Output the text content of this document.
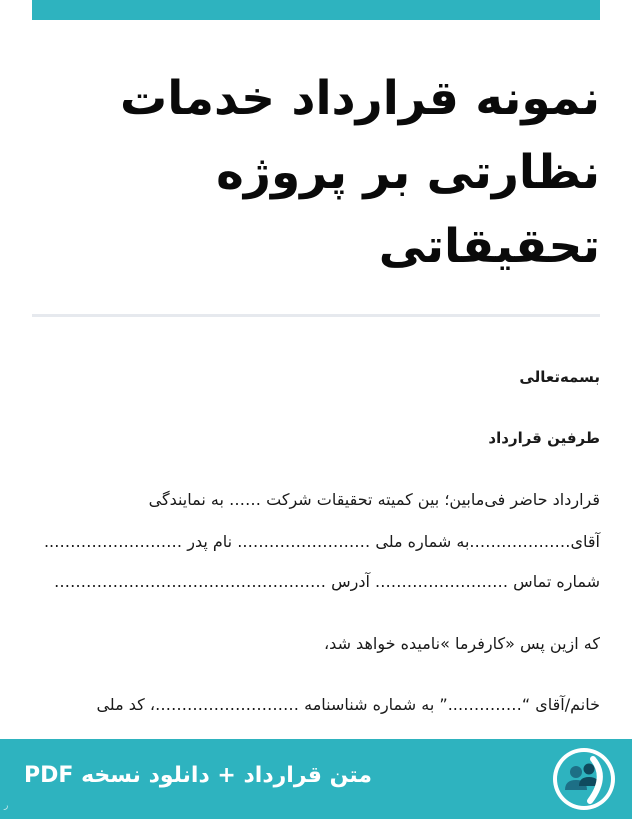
نمونه قرارداد خدمات
نظارتی بر پروژه
تحقیقاتی
بسمه‌تعالی
طرفین قرارداد
قرارداد حاضر فی‌مابین؛ بین کمیته تحقیقات شرکت …… به نمایندگی
آقای……………….به شماره ملی ……………………. نام پدر ……………………..
شماره تماس ……………………. آدرس ……………………………………………
که ازین پس «کارفرما »نامیده خواهد شد،
خانم/آقای “…………..” به شماره شناسنامه ………………………، کد ملی
متن قرارداد + دانلود نسخه PDF
ر
